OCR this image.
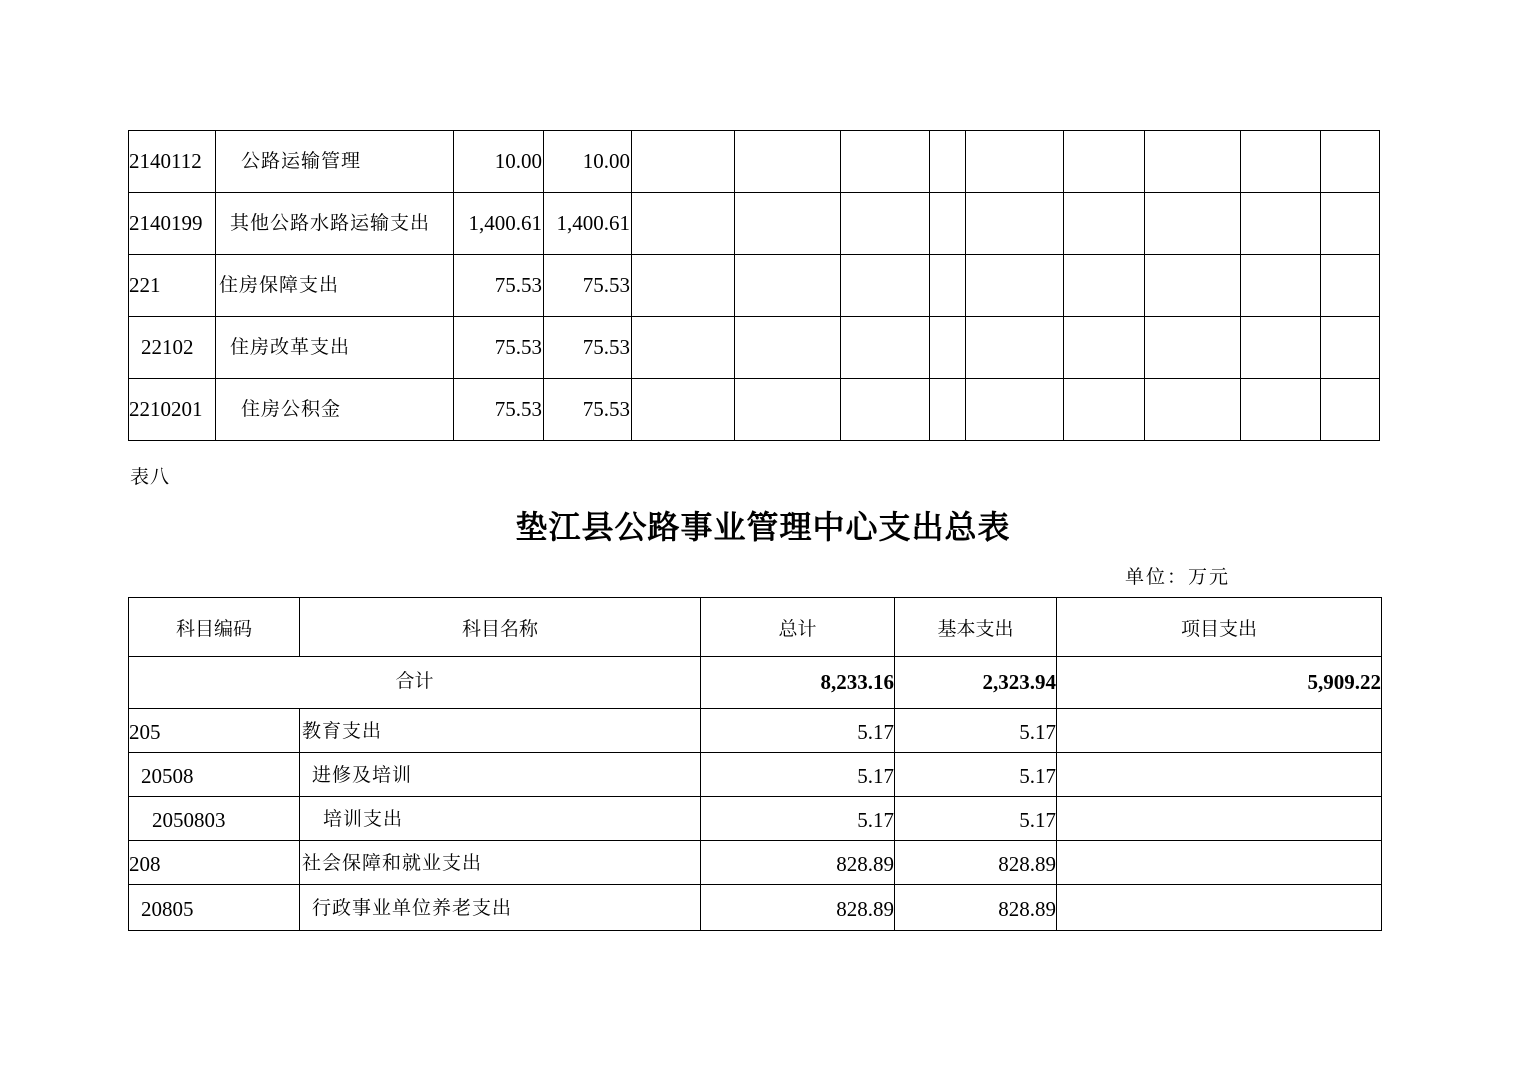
2140112	公路运输管理	10.00	10.00									
2140199	其他公路水路运输支出	1,400.61	1,400.61									
221	住房保障支出	75.53	75.53									
22102	住房改革支出	75.53	75.53									
2210201	住房公积金	75.53	75.53									
表八
垫江县公路事业管理中心支出总表
单位：万元
科目编码	科目名称	总计	基本支出	项目支出
合计		8,233.16	2,323.94	5,909.22
205	教育支出	5.17	5.17	
20508	进修及培训	5.17	5.17	
2050803	培训支出	5.17	5.17	
208	社会保障和就业支出	828.89	828.89	
20805	行政事业单位养老支出	828.89	828.89	
